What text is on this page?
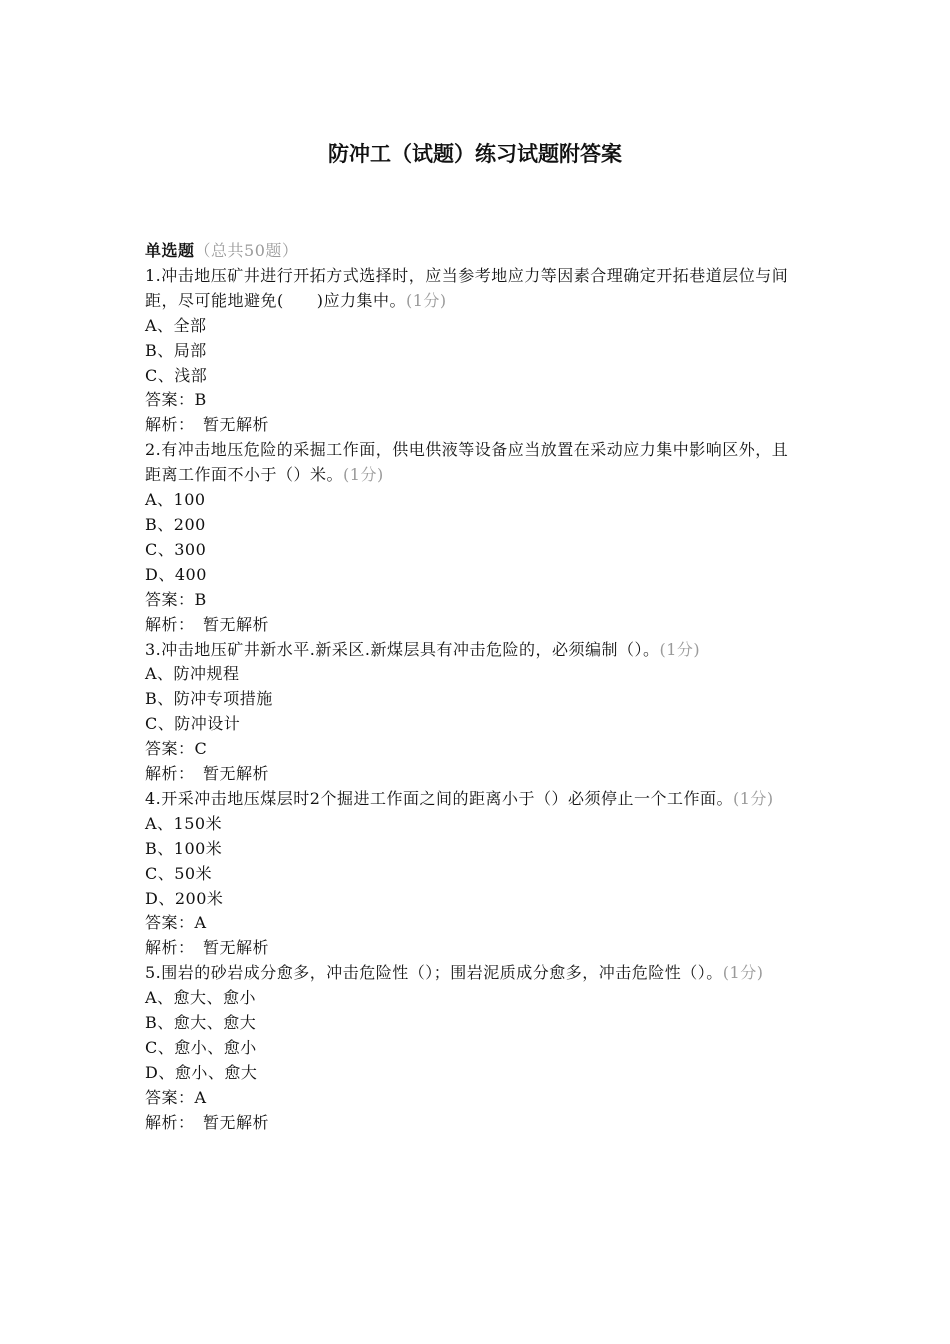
防冲工（试题）练习试题附答案

单选题（总共50题）

1.冲击地压矿井进行开拓方式选择时，应当参考地应力等因素合理确定开拓巷道层位与间距，尽可能地避免(　　)应力集中。(1分)

A、全部

B、局部

C、浅部

答案：B

解析：　暂无解析

2.有冲击地压危险的采掘工作面，供电供液等设备应当放置在采动应力集中影响区外，且距离工作面不小于（）米。(1分)

A、100

B、200

C、300

D、400

答案：B

解析：　暂无解析

3.冲击地压矿井新水平.新采区.新煤层具有冲击危险的，必须编制（）。(1分)

A、防冲规程

B、防冲专项措施

C、防冲设计

答案：C

解析：　暂无解析

4.开采冲击地压煤层时2个掘进工作面之间的距离小于（）必须停止一个工作面。(1分)

A、150米

B、100米

C、50米

D、200米

答案：A

解析：　暂无解析

5.围岩的砂岩成分愈多，冲击危险性（）；围岩泥质成分愈多，冲击危险性（）。(1分)

A、愈大、愈小

B、愈大、愈大

C、愈小、愈小

D、愈小、愈大

答案：A

解析：　暂无解析
